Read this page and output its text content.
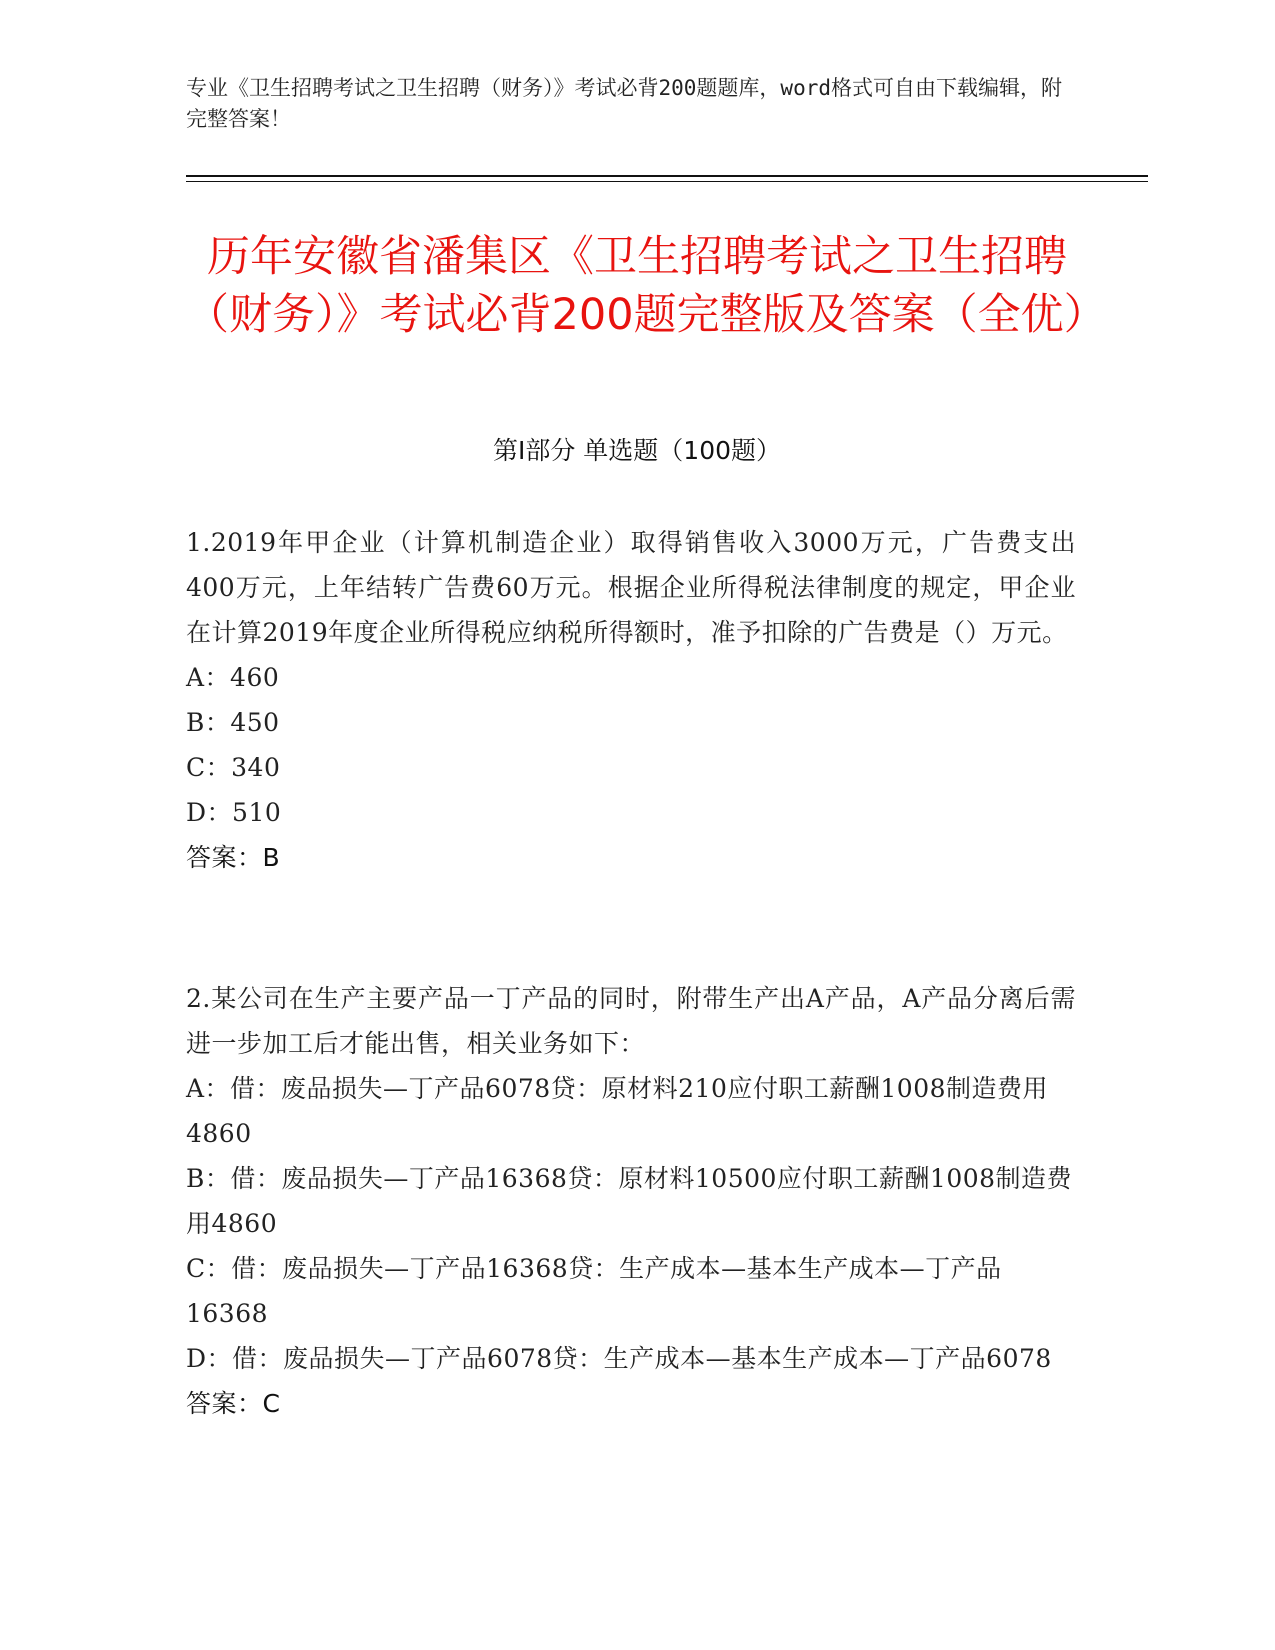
专业《卫生招聘考试之卫生招聘（财务）》考试必背200题题库，word格式可自由下载编辑，附完整答案！
历年安徽省潘集区《卫生招聘考试之卫生招聘（财务）》考试必背200题完整版及答案（全优）
第I部分 单选题（100题）

1.2019年甲企业（计算机制造企业）取得销售收入3000万元，广告费支出400万元，上年结转广告费60万元。根据企业所得税法律制度的规定，甲企业在计算2019年度企业所得税应纳税所得额时，准予扣除的广告费是（）万元。

A：460

B：450

C：340

D：510

答案：B

2.某公司在生产主要产品一丁产品的同时，附带生产出A产品，A产品分离后需进一步加工后才能出售，相关业务如下：

A：借：废品损失—丁产品6078贷：原材料210应付职工薪酬1008制造费用4860

B：借：废品损失—丁产品16368贷：原材料10500应付职工薪酬1008制造费用4860

C：借：废品损失—丁产品16368贷：生产成本—基本生产成本—丁产品16368

D：借：废品损失—丁产品6078贷：生产成本—基本生产成本—丁产品6078

答案：C
